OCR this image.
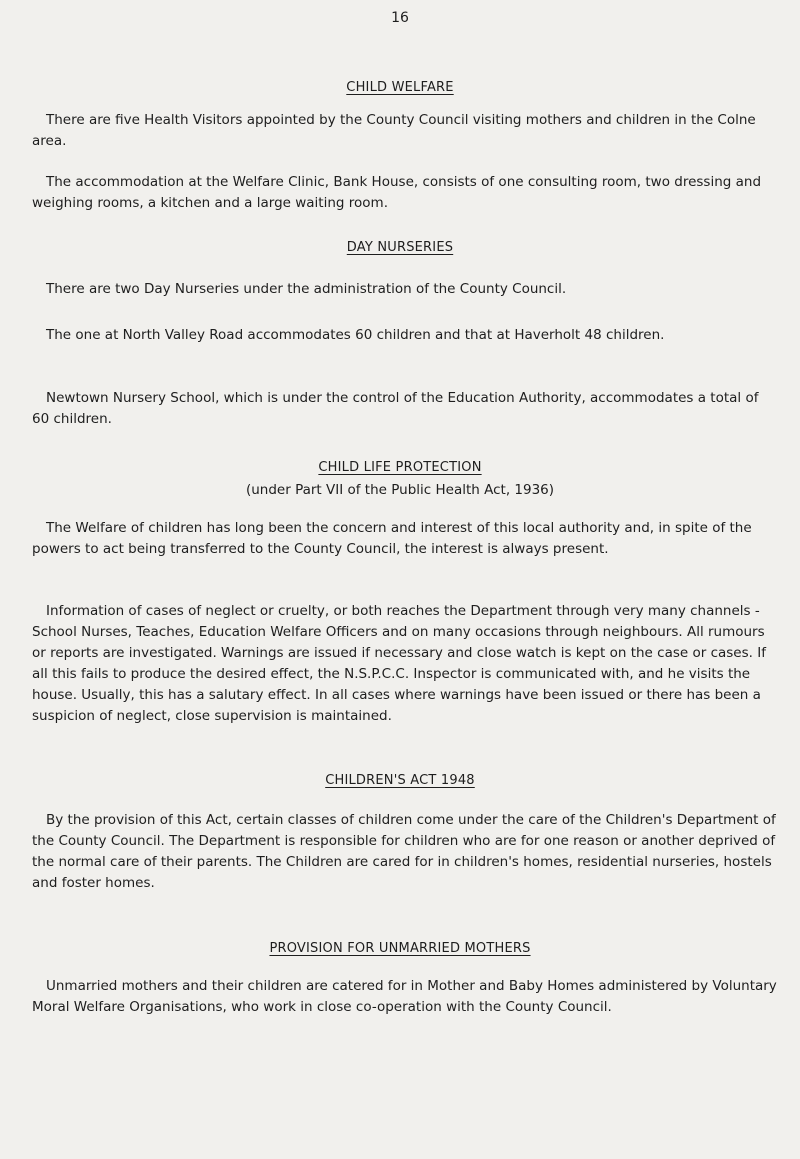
16
CHILD WELFARE

There are five Health Visitors appointed by the County Council visiting mothers and children in the Colne area.

The accommodation at the Welfare Clinic, Bank House, consists of one consulting room, two dressing and weighing rooms, a kitchen and a large waiting room.

DAY NURSERIES

There are two Day Nurseries under the administration of the County Council.

The one at North Valley Road accommodates 60 children and that at Haverholt 48 children.

Newtown Nursery School, which is under the control of the Education Authority, accommodates a total of 60 children.

CHILD LIFE PROTECTION
(under Part VII of the Public Health Act, 1936)

The Welfare of children has long been the concern and interest of this local authority and, in spite of the powers to act being transferred to the County Council, the interest is always present.

Information of cases of neglect or cruelty, or both reaches the Department through very many channels - School Nurses, Teaches, Education Welfare Officers and on many occasions through neighbours. All rumours or reports are investigated. Warnings are issued if necessary and close watch is kept on the case or cases. If all this fails to produce the desired effect, the N.S.P.C.C. Inspector is communicated with, and he visits the house. Usually, this has a salutary effect. In all cases where warnings have been issued or there has been a suspicion of neglect, close supervision is maintained.

CHILDREN'S ACT 1948

By the provision of this Act, certain classes of children come under the care of the Children's Department of the County Council. The Department is responsible for children who are for one reason or another deprived of the normal care of their parents. The Children are cared for in children's homes, residential nurseries, hostels and foster homes.

PROVISION FOR UNMARRIED MOTHERS

Unmarried mothers and their children are catered for in Mother and Baby Homes administered by Voluntary Moral Welfare Organisations, who work in close co-operation with the County Council.
